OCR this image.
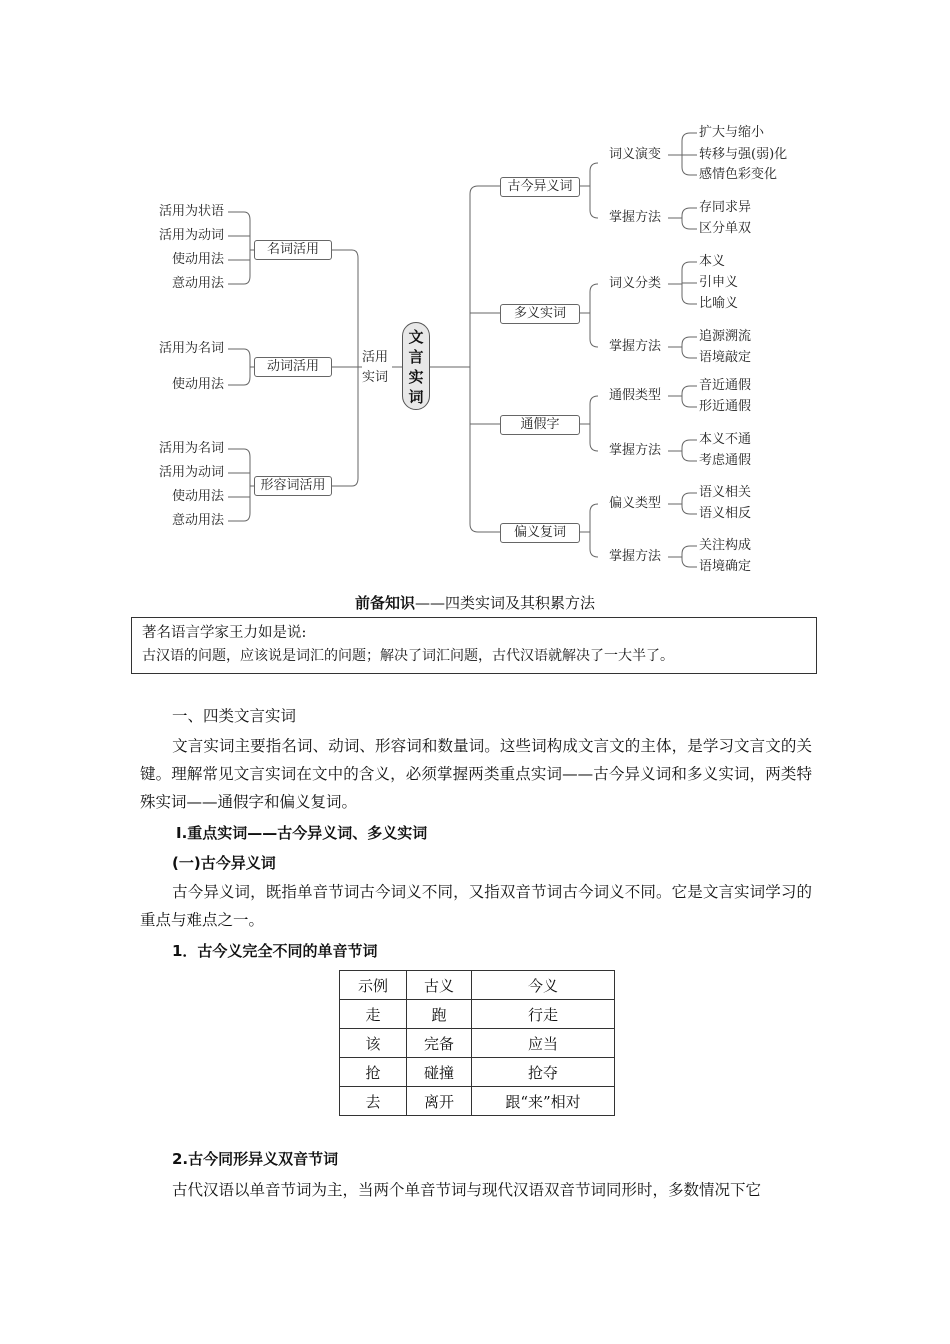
文
言
实
词
活用
实词
名词活用
动词活用
形容词活用
活用为状语
活用为动词
使动用法
意动用法
活用为名词
使动用法
活用为名词
活用为动词
使动用法
意动用法
古今异义词
多义实词
通假字
偏义复词
词义演变
掌握方法
词义分类
掌握方法
通假类型
掌握方法
偏义类型
掌握方法
扩大与缩小
转移与强(弱)化
感情色彩变化
存同求异
区分单双
本义
引申义
比喻义
追源溯流
语境敲定
音近通假
形近通假
本义不通
考虑通假
语义相关
语义相反
关注构成
语境确定
前备知识——四类实词及其积累方法
著名语言学家王力如是说:
古汉语的问题，应该说是词汇的问题；解决了词汇问题，古代汉语就解决了一大半了。
一、四类文言实词
文言实词主要指名词、动词、形容词和数量词。这些词构成文言文的主体，是学习文言文的关键。理解常见文言实词在文中的含义，必须掌握两类重点实词——古今异义词和多义实词，两类特殊实词——通假字和偏义复词。
Ⅰ.重点实词——古今异义词、多义实词
(一)古今异义词
古今异义词，既指单音节词古今词义不同，又指双音节词古今词义不同。它是文言实词学习的重点与难点之一。
1．古今义完全不同的单音节词
示例	古义	今义
走	跑	行走
该	完备	应当
抢	碰撞	抢夺
去	离开	跟“来”相对
2.古今同形异义双音节词
古代汉语以单音节词为主，当两个单音节词与现代汉语双音节词同形时，多数情况下它
